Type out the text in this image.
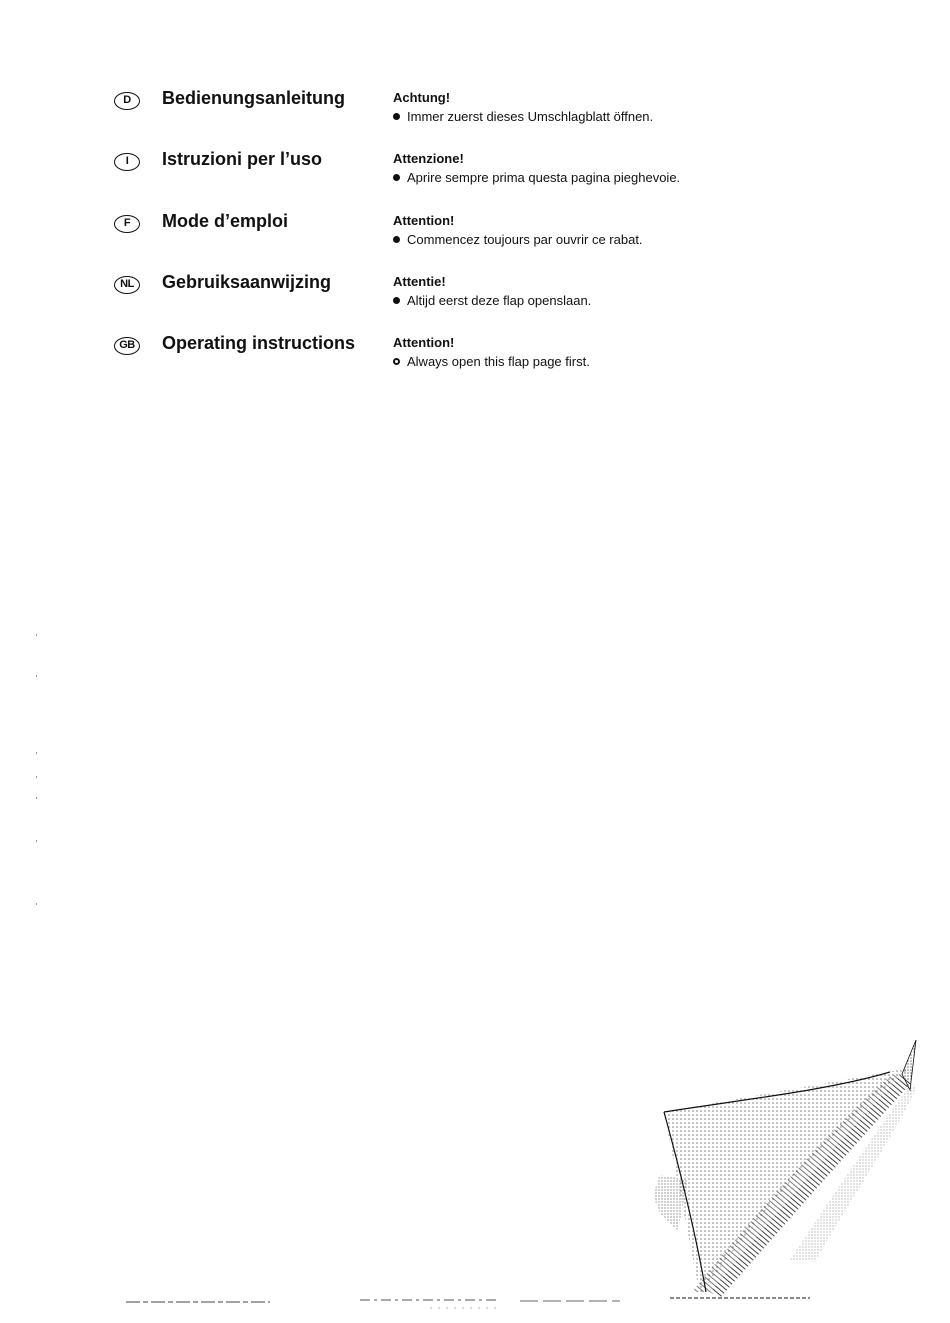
D	Bedienungsanleitung	Achtung!
Immer zuerst dieses Umschlagblatt öffnen.
I	Istruzioni per l’uso	Attenzione!
Aprire sempre prima questa pagina pieghevoie.
F	Mode d’emploi	Attention!
Commencez toujours par ouvrir ce rabat.
NL	Gebruiksaanwijzing	Attentie!
Altijd eerst deze flap openslaan.
GB Operating instructions	Attention!
Always open this flap page first.
